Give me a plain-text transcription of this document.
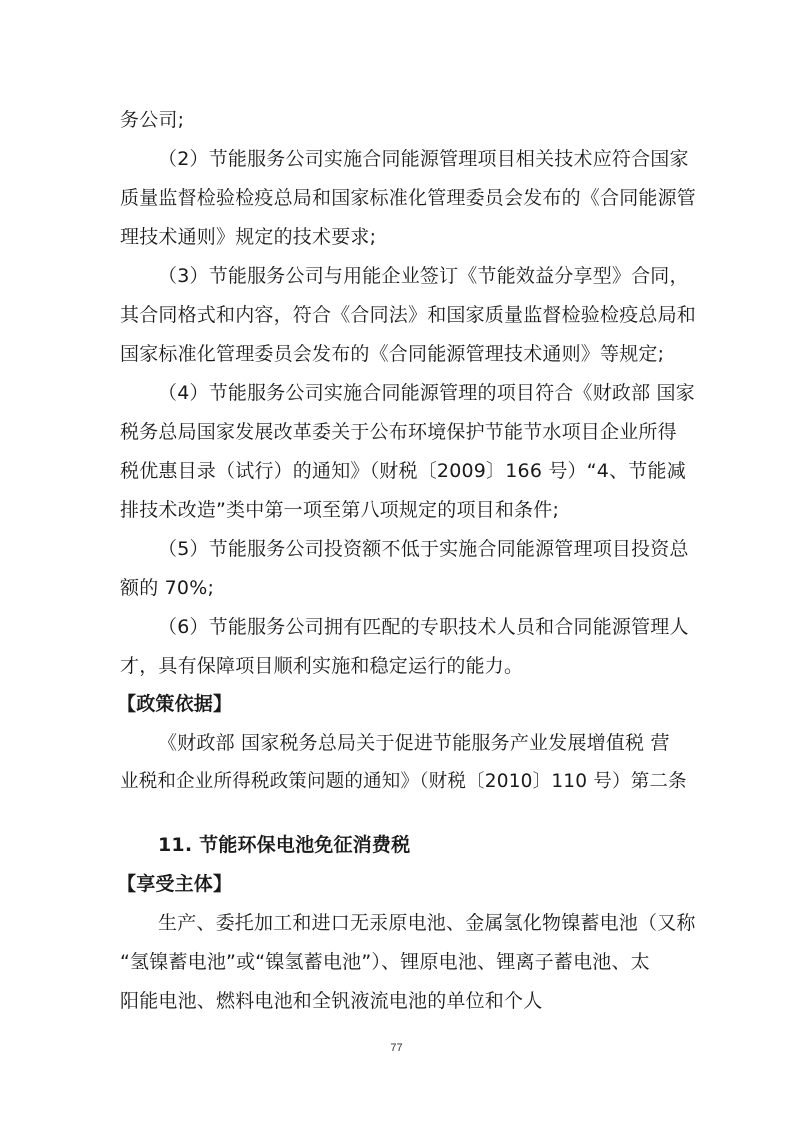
务公司;
（2）节能服务公司实施合同能源管理项目相关技术应符合国家
质量监督检验检疫总局和国家标准化管理委员会发布的《合同能源管
理技术通则》规定的技术要求;
（3）节能服务公司与用能企业签订《节能效益分享型》合同，
其合同格式和内容，符合《合同法》和国家质量监督检验检疫总局和
国家标准化管理委员会发布的《合同能源管理技术通则》等规定;
（4）节能服务公司实施合同能源管理的项目符合《财政部 国家
税务总局国家发展改革委关于公布环境保护节能节水项目企业所得
税优惠目录（试行）的通知》（财税〔2009〕166 号）“4、节能减
排技术改造”类中第一项至第八项规定的项目和条件;
（5）节能服务公司投资额不低于实施合同能源管理项目投资总
额的 70%;
（6）节能服务公司拥有匹配的专职技术人员和合同能源管理人
才，具有保障项目顺利实施和稳定运行的能力。
【政策依据】
《财政部 国家税务总局关于促进节能服务产业发展增值税 营
业税和企业所得税政策问题的通知》（财税〔2010〕110 号）第二条
11. 节能环保电池免征消费税
【享受主体】
生产、委托加工和进口无汞原电池、金属氢化物镍蓄电池（又称
“氢镍蓄电池”或“镍氢蓄电池”）、锂原电池、锂离子蓄电池、太
阳能电池、燃料电池和全钒液流电池的单位和个人
77
